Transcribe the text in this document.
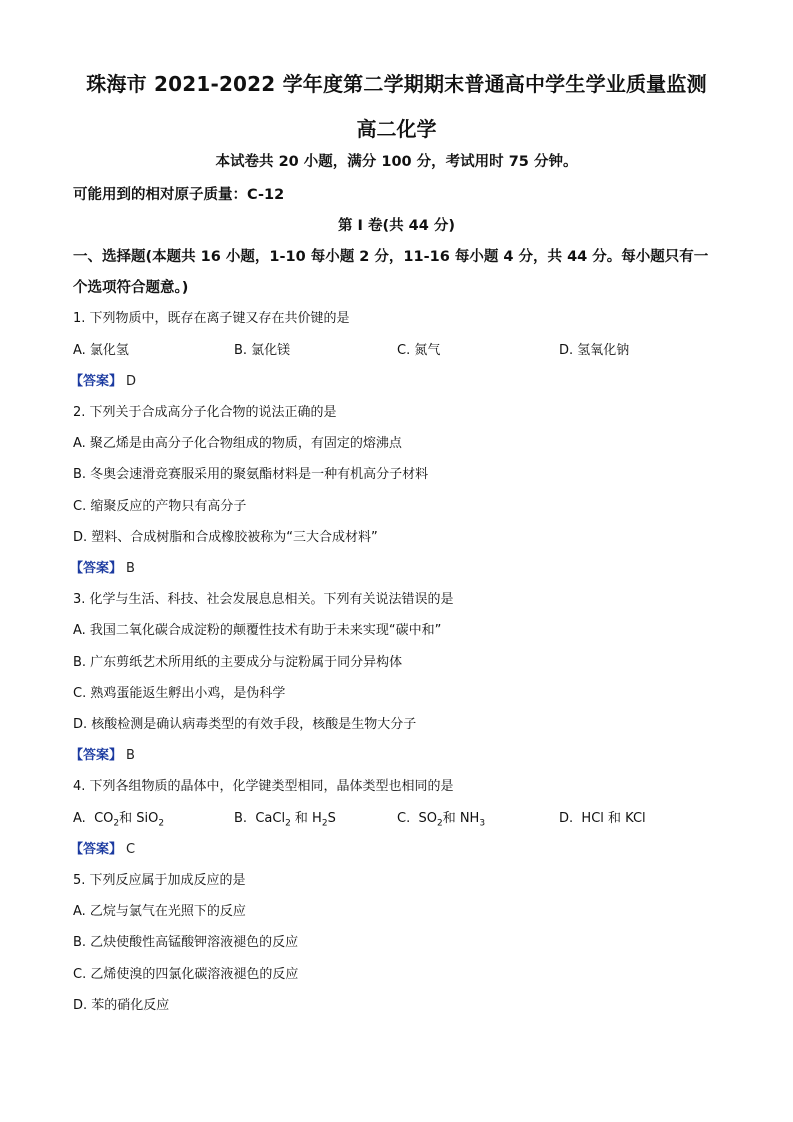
珠海市 2021-2022 学年度第二学期期末普通高中学生学业质量监测
高二化学
本试卷共 20 小题，满分 100 分，考试用时 75 分钟。
可能用到的相对原子质量：C-12
第 I 卷(共 44 分)
一、选择题(本题共 16 小题，1-10 每小题 2 分，11-16 每小题 4 分，共 44 分。每小题只有一
个选项符合题意。)
1. 下列物质中，既存在离子键又存在共价键的是
A. 氯化氢	B. 氯化镁	C. 氮气	D. 氢氧化钠
【答案】 D
2. 下列关于合成高分子化合物的说法正确的是
A. 聚乙烯是由高分子化合物组成的物质，有固定的熔沸点
B. 冬奥会速滑竞赛服采用的聚氨酯材料是一种有机高分子材料
C. 缩聚反应的产物只有高分子
D. 塑料、合成树脂和合成橡胶被称为“三大合成材料”
【答案】 B
3. 化学与生活、科技、社会发展息息相关。下列有关说法错误的是
A. 我国二氧化碳合成淀粉的颠覆性技术有助于未来实现“碳中和”
B. 广东剪纸艺术所用纸的主要成分与淀粉属于同分异构体
C. 熟鸡蛋能返生孵出小鸡，是伪科学
D. 核酸检测是确认病毒类型的有效手段，核酸是生物大分子
【答案】 B
4. 下列各组物质的晶体中，化学键类型相同，晶体类型也相同的是
A. $CO_2$和 SiO$_2$	B. CaCl$_2$ 和 $H_2S$	C. $SO_2$和 $NH_3$	D. HCl 和 KCl
【答案】 C
5. 下列反应属于加成反应的是
A. 乙烷与氯气在光照下的反应
B. 乙炔使酸性高锰酸钾溶液褪色的反应
C. 乙烯使溴的四氯化碳溶液褪色的反应
D. 苯的硝化反应
